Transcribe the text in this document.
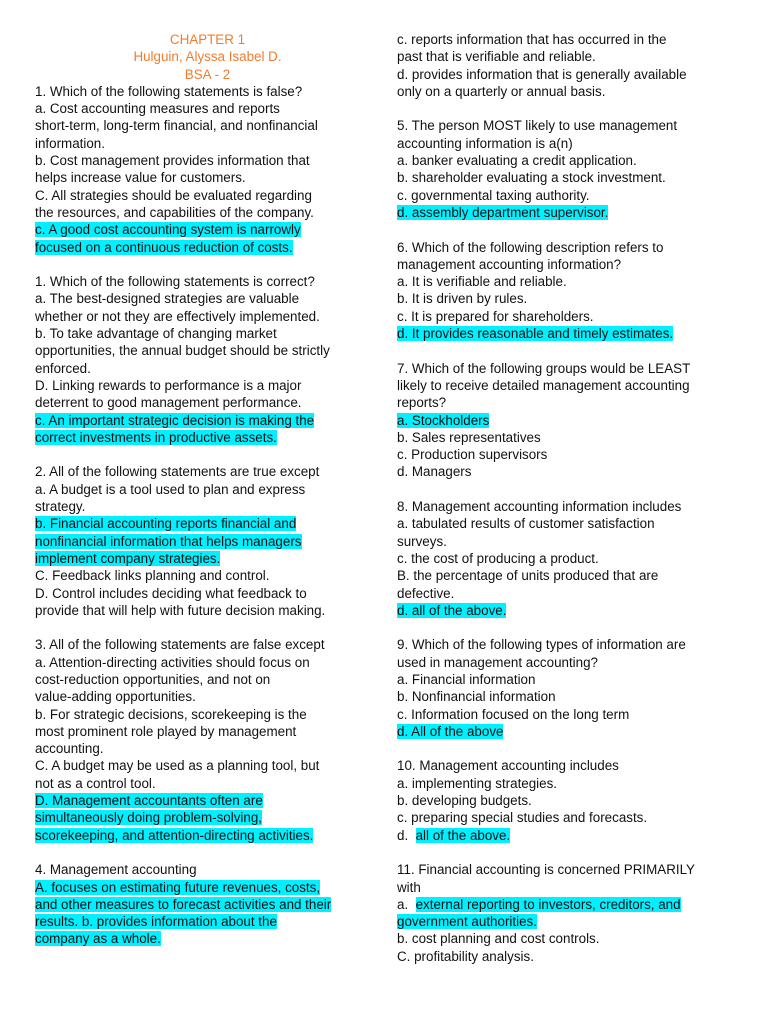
CHAPTER 1
Hulguin, Alyssa Isabel D.
BSA - 2
1. Which of the following statements is false?
a. Cost accounting measures and reports
short-term, long-term financial, and nonfinancial
information.
b. Cost management provides information that
helps increase value for customers.
C. All strategies should be evaluated regarding
the resources, and capabilities of the company.
c. A good cost accounting system is narrowly
focused on a continuous reduction of costs.
1. Which of the following statements is correct?
a. The best-designed strategies are valuable
whether or not they are effectively implemented.
b. To take advantage of changing market
opportunities, the annual budget should be strictly
enforced.
D. Linking rewards to performance is a major
deterrent to good management performance.
c. An important strategic decision is making the
correct investments in productive assets.
2. All of the following statements are true except
a. A budget is a tool used to plan and express
strategy.
b. Financial accounting reports financial and
nonfinancial information that helps managers
implement company strategies.
C. Feedback links planning and control.
D. Control includes deciding what feedback to
provide that will help with future decision making.
3. All of the following statements are false except
a. Attention-directing activities should focus on
cost-reduction opportunities, and not on
value-adding opportunities.
b. For strategic decisions, scorekeeping is the
most prominent role played by management
accounting.
C. A budget may be used as a planning tool, but
not as a control tool.
D. Management accountants often are
simultaneously doing problem-solving,
scorekeeping, and attention-directing activities.
4. Management accounting
A. focuses on estimating future revenues, costs,
and other measures to forecast activities and their
results. b. provides information about the
company as a whole.
c. reports information that has occurred in the
past that is verifiable and reliable.
d. provides information that is generally available
only on a quarterly or annual basis.
5. The person MOST likely to use management
accounting information is a(n)
a. banker evaluating a credit application.
b. shareholder evaluating a stock investment.
c. governmental taxing authority.
d. assembly department supervisor.
6. Which of the following description refers to
management accounting information?
a. It is verifiable and reliable.
b. It is driven by rules.
c. It is prepared for shareholders.
d. It provides reasonable and timely estimates.
7. Which of the following groups would be LEAST
likely to receive detailed management accounting
reports?
a. Stockholders
b. Sales representatives
c. Production supervisors
d. Managers
8. Management accounting information includes
a. tabulated results of customer satisfaction
surveys.
c. the cost of producing a product.
B. the percentage of units produced that are
defective.
d. all of the above.
9. Which of the following types of information are
used in management accounting?
a. Financial information
b. Nonfinancial information
c. Information focused on the long term
d. All of the above
10. Management accounting includes
a. implementing strategies.
b. developing budgets.
c. preparing special studies and forecasts.
d.  all of the above.
11. Financial accounting is concerned PRIMARILY
with
a.  external reporting to investors, creditors, and
government authorities.
b. cost planning and cost controls.
C. profitability analysis.
